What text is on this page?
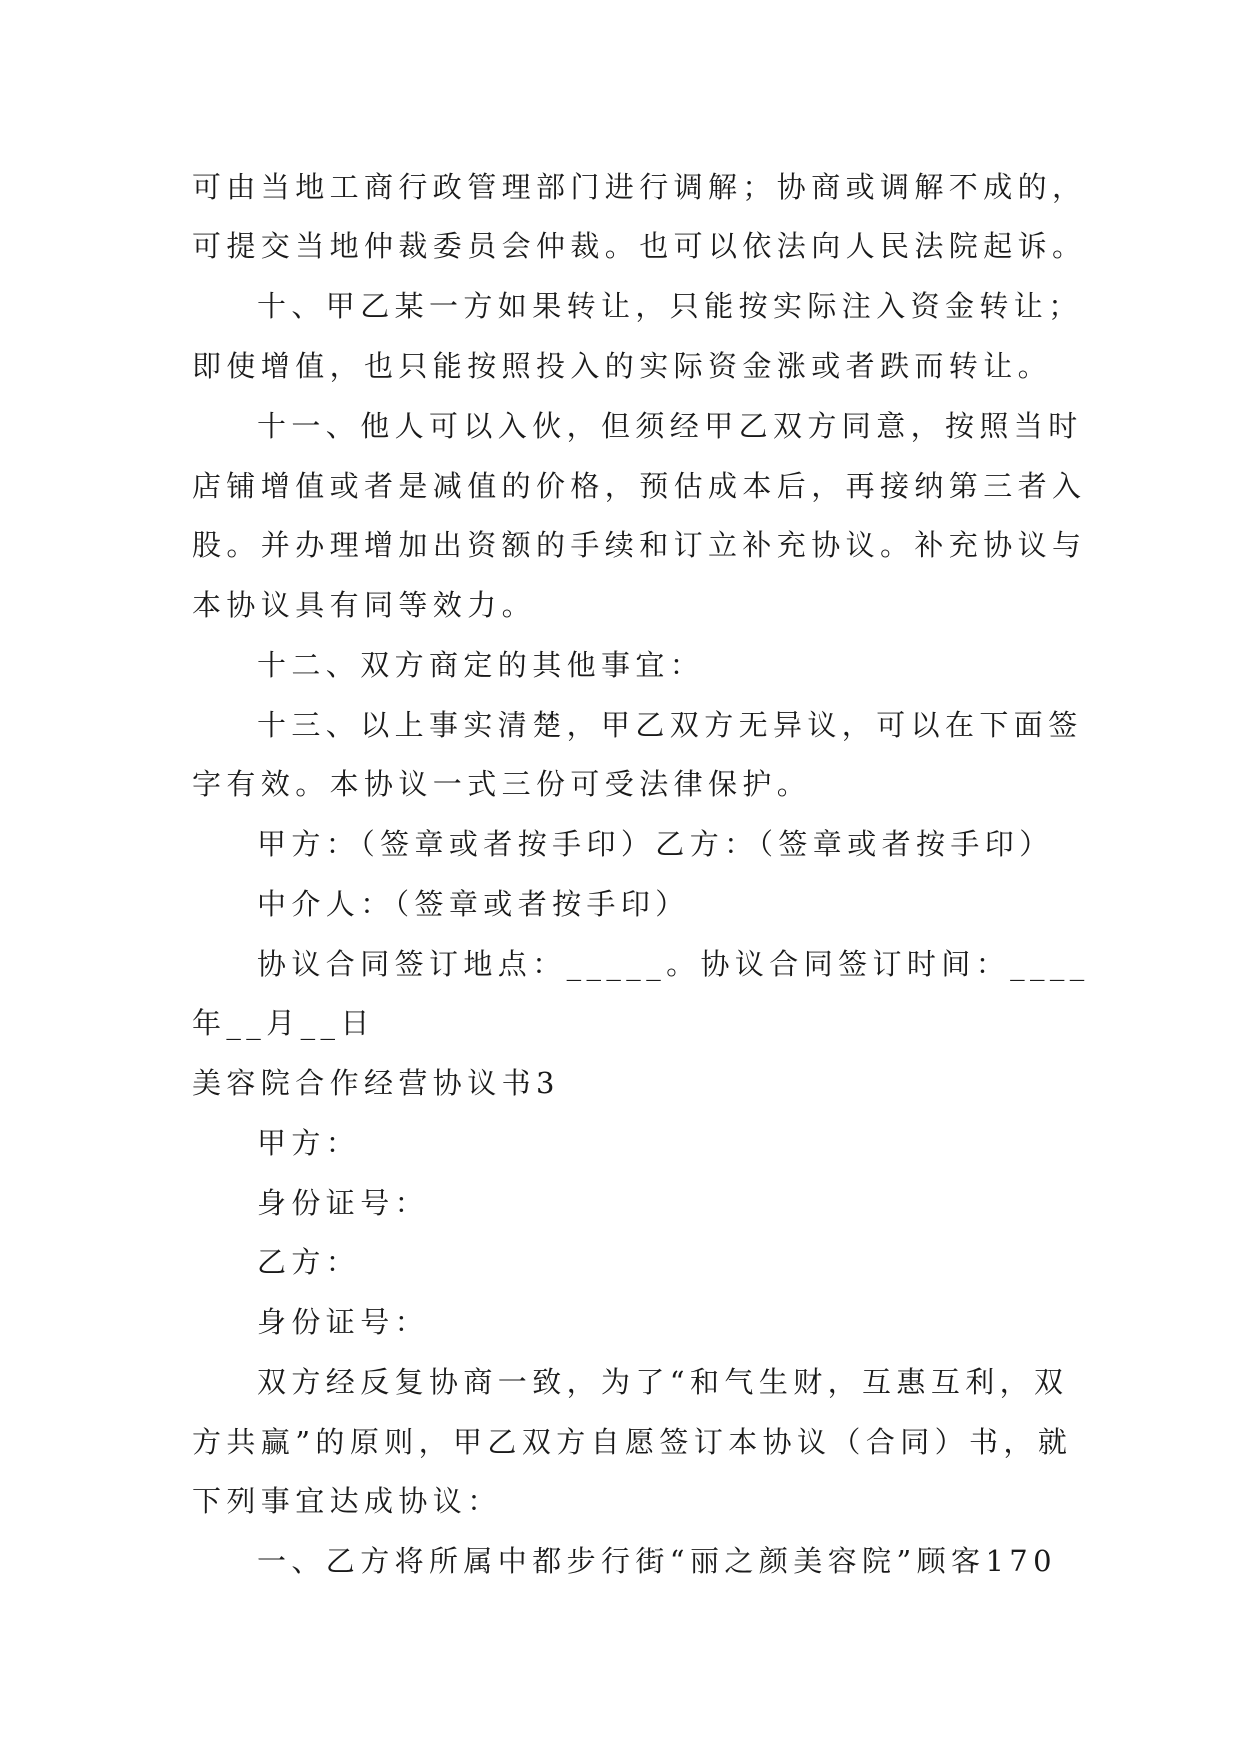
可由当地工商行政管理部门进行调解；协商或调解不成的，
可提交当地仲裁委员会仲裁。也可以依法向人民法院起诉。
十、甲乙某一方如果转让，只能按实际注入资金转让；
即使增值，也只能按照投入的实际资金涨或者跌而转让。
十一、他人可以入伙，但须经甲乙双方同意，按照当时
店铺增值或者是减值的价格，预估成本后，再接纳第三者入
股。并办理增加出资额的手续和订立补充协议。补充协议与
本协议具有同等效力。
十二、双方商定的其他事宜：
十三、以上事实清楚，甲乙双方无异议，可以在下面签
字有效。本协议一式三份可受法律保护。
甲方：（签章或者按手印）乙方：（签章或者按手印）
中介人：（签章或者按手印）
协议合同签订地点：_____。协议合同签订时间：____
年__月__日
美容院合作经营协议书3
甲方：
身份证号：
乙方：
身份证号：
双方经反复协商一致，为了“和气生财，互惠互利，双
方共赢”的原则，甲乙双方自愿签订本协议（合同）书，就
下列事宜达成协议：
一、乙方将所属中都步行街“丽之颜美容院”顾客170
